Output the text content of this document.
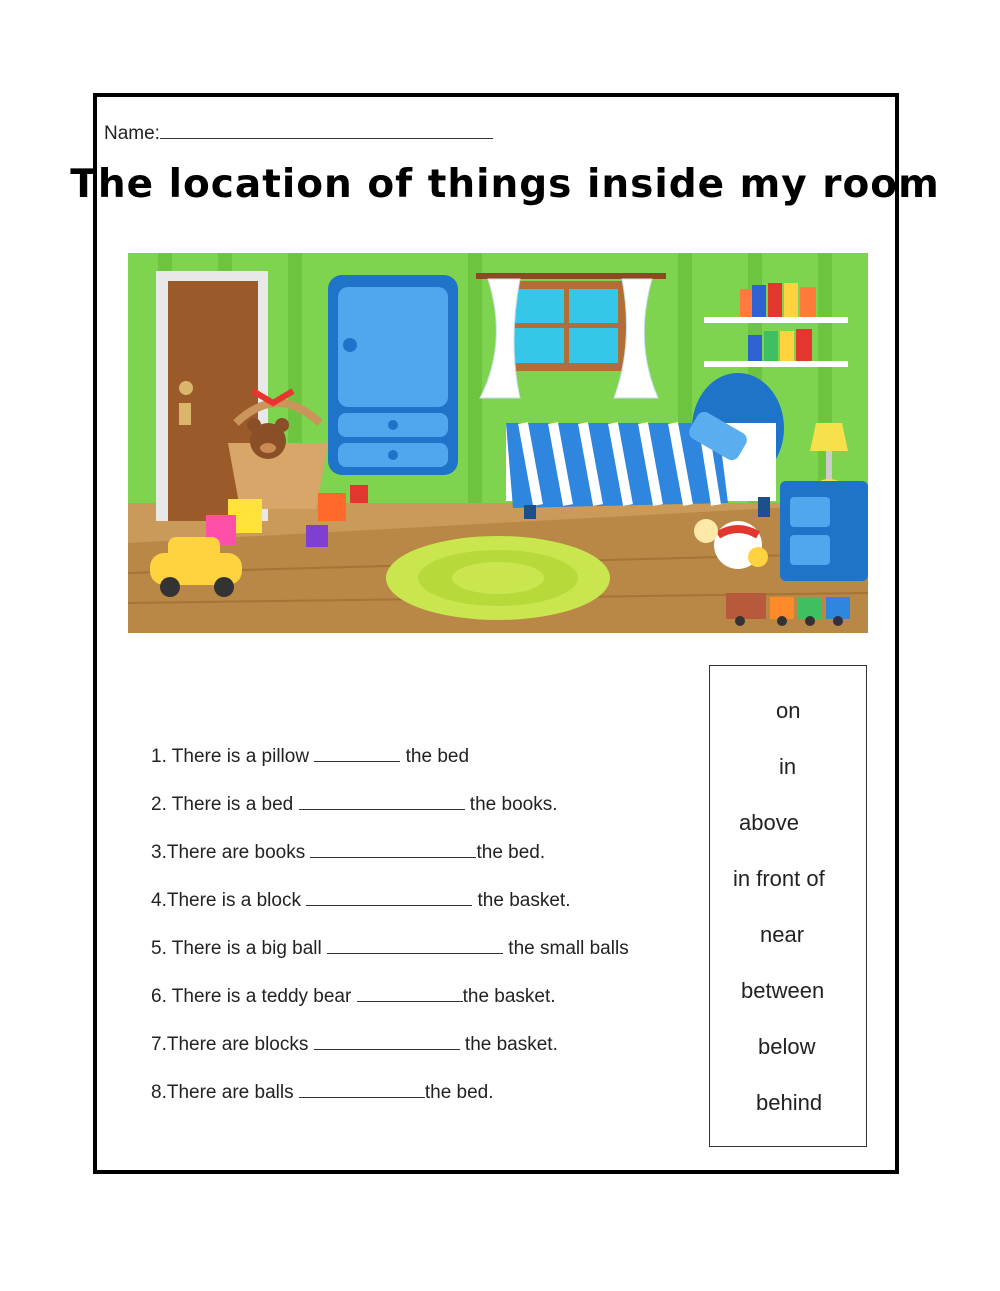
Name:
The location of things inside my room
1. There is a pillow	the bed
2. There is a bed	the books.
3.There are books	the bed.
4.There is a block	the basket.
5. There is a big ball	the small balls
6. There is a teddy bear	the basket.
7.There are blocks	the basket.
8.There are balls	the bed.
on
in
above
in front of
near
between
below
behind
